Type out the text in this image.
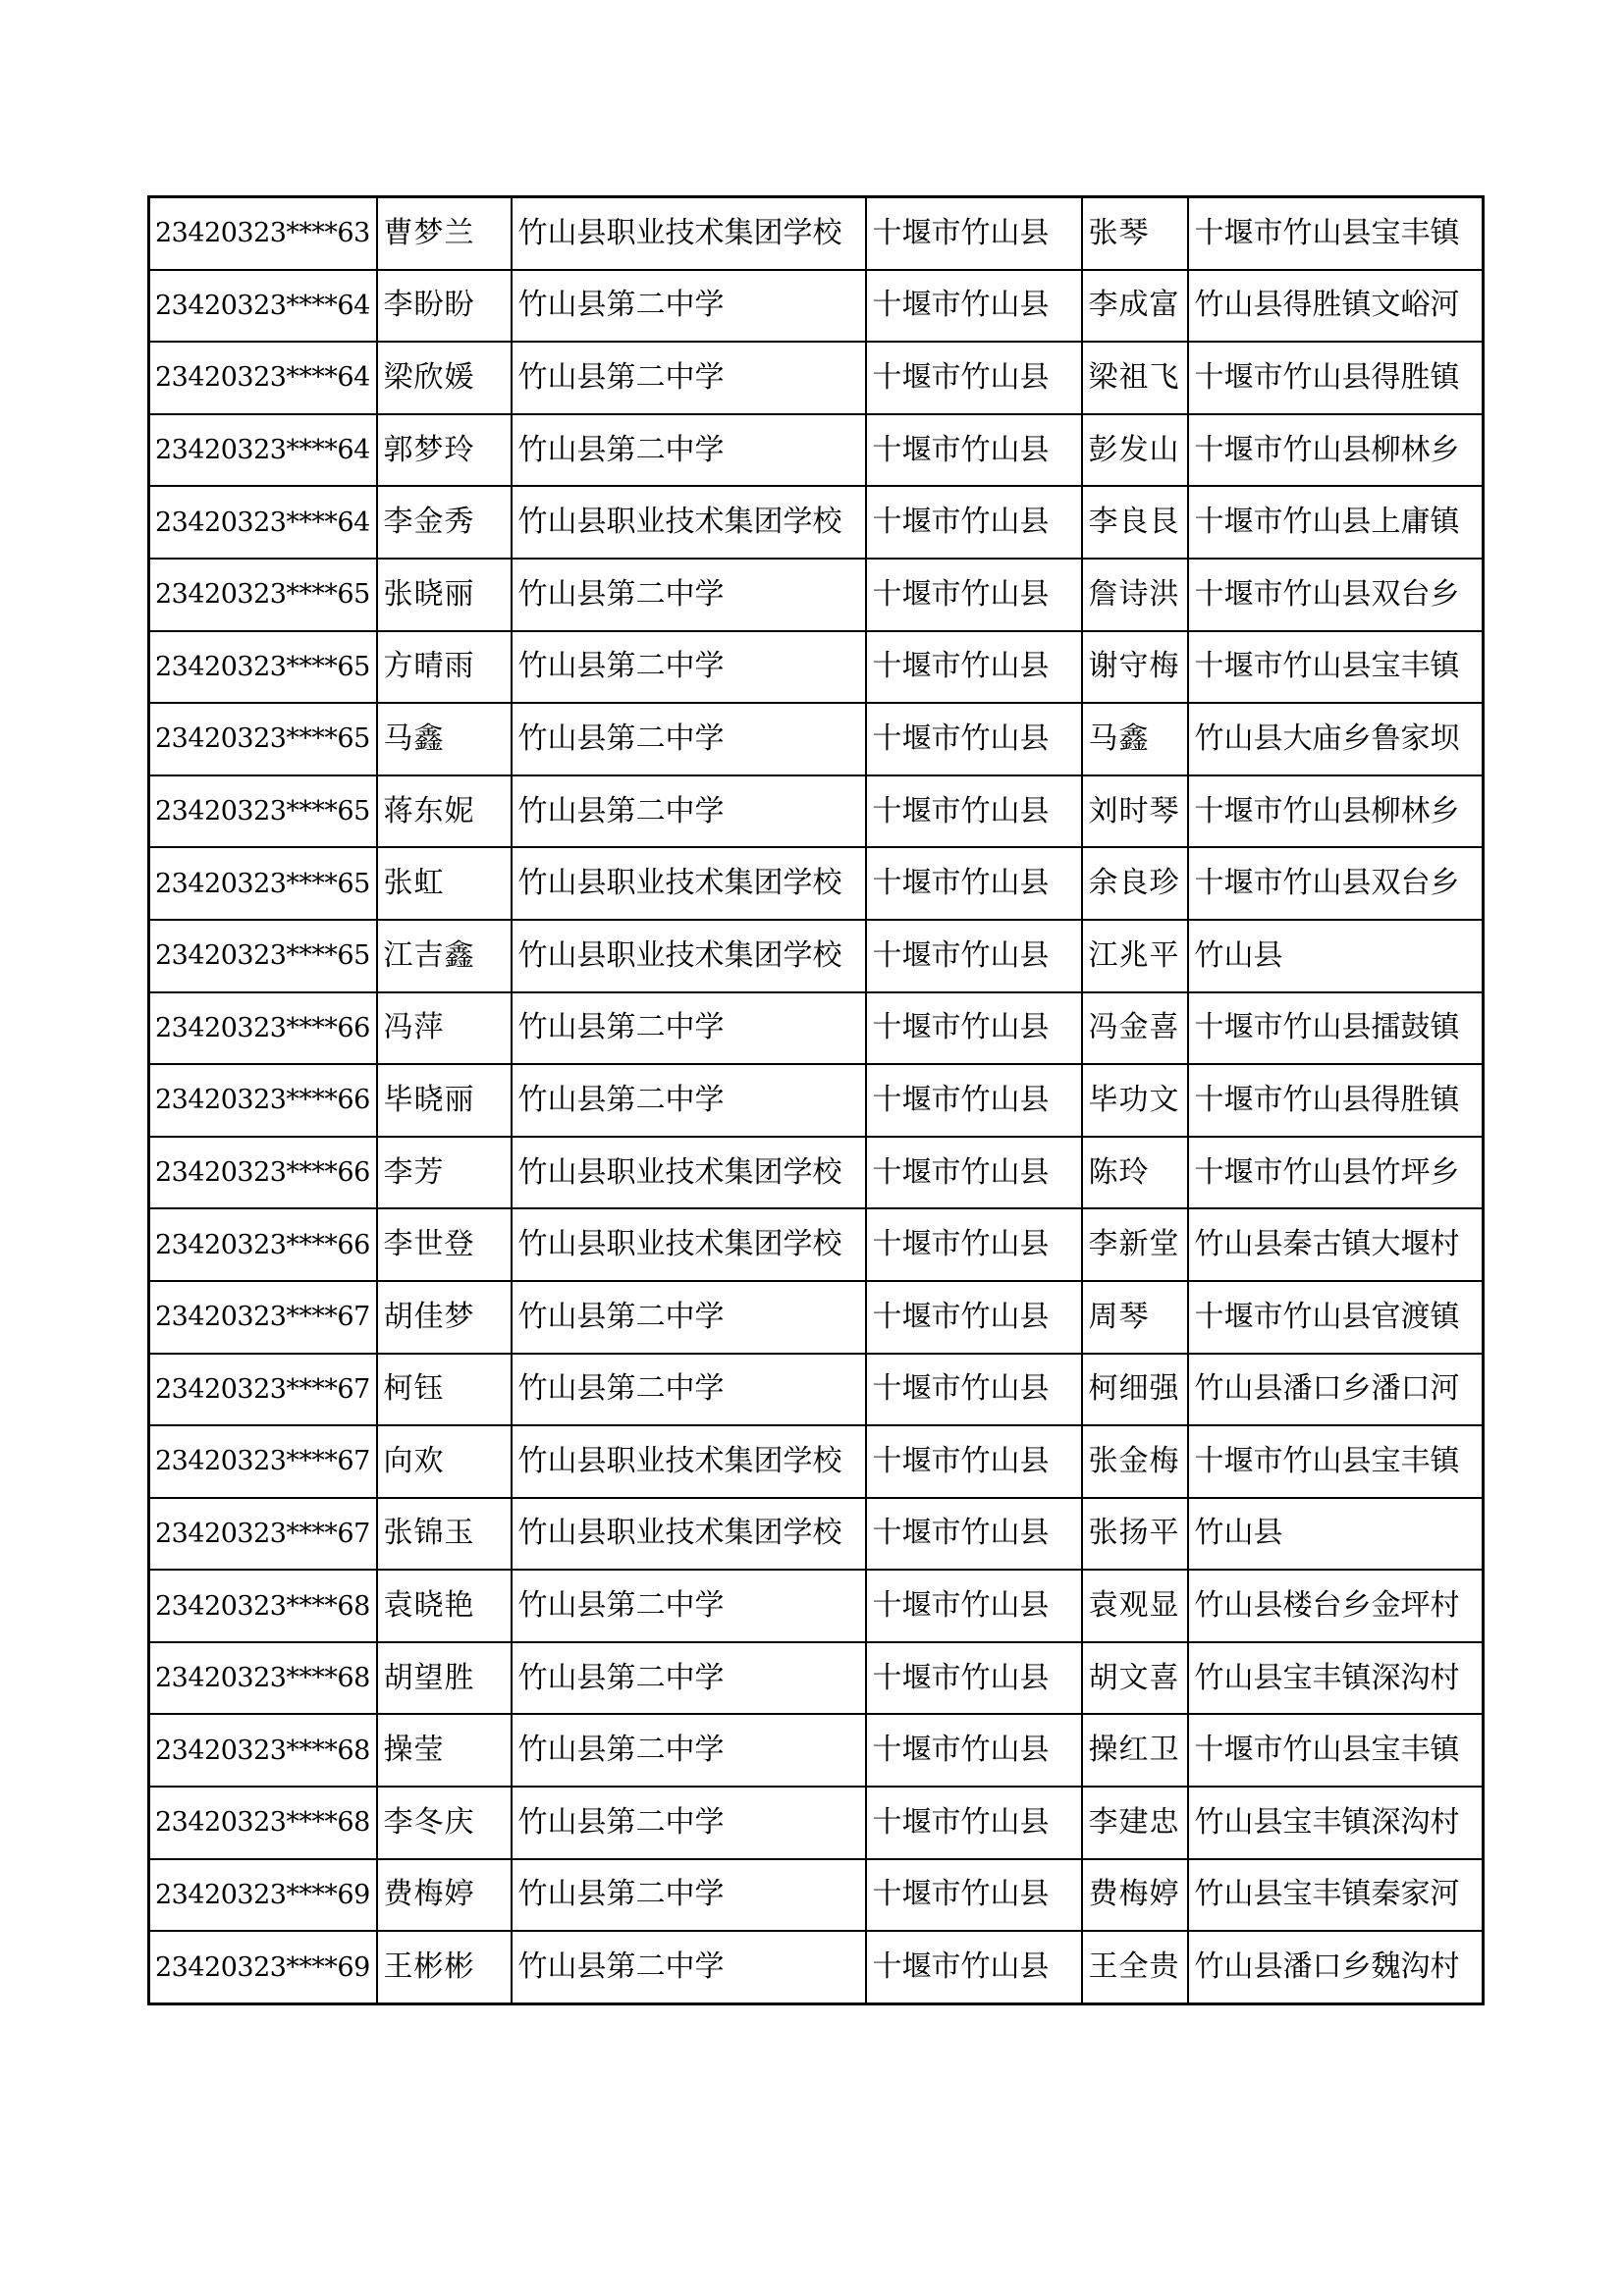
23420323****63	曹梦兰	竹山县职业技术集团学校	十堰市竹山县	张琴	十堰市竹山县宝丰镇
23420323****64	李盼盼	竹山县第二中学	十堰市竹山县	李成富	竹山县得胜镇文峪河
23420323****64	梁欣媛	竹山县第二中学	十堰市竹山县	梁祖飞	十堰市竹山县得胜镇
23420323****64	郭梦玲	竹山县第二中学	十堰市竹山县	彭发山	十堰市竹山县柳林乡
23420323****64	李金秀	竹山县职业技术集团学校	十堰市竹山县	李良艮	十堰市竹山县上庸镇
23420323****65	张晓丽	竹山县第二中学	十堰市竹山县	詹诗洪	十堰市竹山县双台乡
23420323****65	方晴雨	竹山县第二中学	十堰市竹山县	谢守梅	十堰市竹山县宝丰镇
23420323****65	马鑫	竹山县第二中学	十堰市竹山县	马鑫	竹山县大庙乡鲁家坝
23420323****65	蒋东妮	竹山县第二中学	十堰市竹山县	刘时琴	十堰市竹山县柳林乡
23420323****65	张虹	竹山县职业技术集团学校	十堰市竹山县	余良珍	十堰市竹山县双台乡
23420323****65	江吉鑫	竹山县职业技术集团学校	十堰市竹山县	江兆平	竹山县
23420323****66	冯萍	竹山县第二中学	十堰市竹山县	冯金喜	十堰市竹山县擂鼓镇
23420323****66	毕晓丽	竹山县第二中学	十堰市竹山县	毕功文	十堰市竹山县得胜镇
23420323****66	李芳	竹山县职业技术集团学校	十堰市竹山县	陈玲	十堰市竹山县竹坪乡
23420323****66	李世登	竹山县职业技术集团学校	十堰市竹山县	李新堂	竹山县秦古镇大堰村
23420323****67	胡佳梦	竹山县第二中学	十堰市竹山县	周琴	十堰市竹山县官渡镇
23420323****67	柯钰	竹山县第二中学	十堰市竹山县	柯细强	竹山县潘口乡潘口河
23420323****67	向欢	竹山县职业技术集团学校	十堰市竹山县	张金梅	十堰市竹山县宝丰镇
23420323****67	张锦玉	竹山县职业技术集团学校	十堰市竹山县	张扬平	竹山县
23420323****68	袁晓艳	竹山县第二中学	十堰市竹山县	袁观显	竹山县楼台乡金坪村
23420323****68	胡望胜	竹山县第二中学	十堰市竹山县	胡文喜	竹山县宝丰镇深沟村
23420323****68	操莹	竹山县第二中学	十堰市竹山县	操红卫	十堰市竹山县宝丰镇
23420323****68	李冬庆	竹山县第二中学	十堰市竹山县	李建忠	竹山县宝丰镇深沟村
23420323****69	费梅婷	竹山县第二中学	十堰市竹山县	费梅婷	竹山县宝丰镇秦家河
23420323****69	王彬彬	竹山县第二中学	十堰市竹山县	王全贵	竹山县潘口乡魏沟村
